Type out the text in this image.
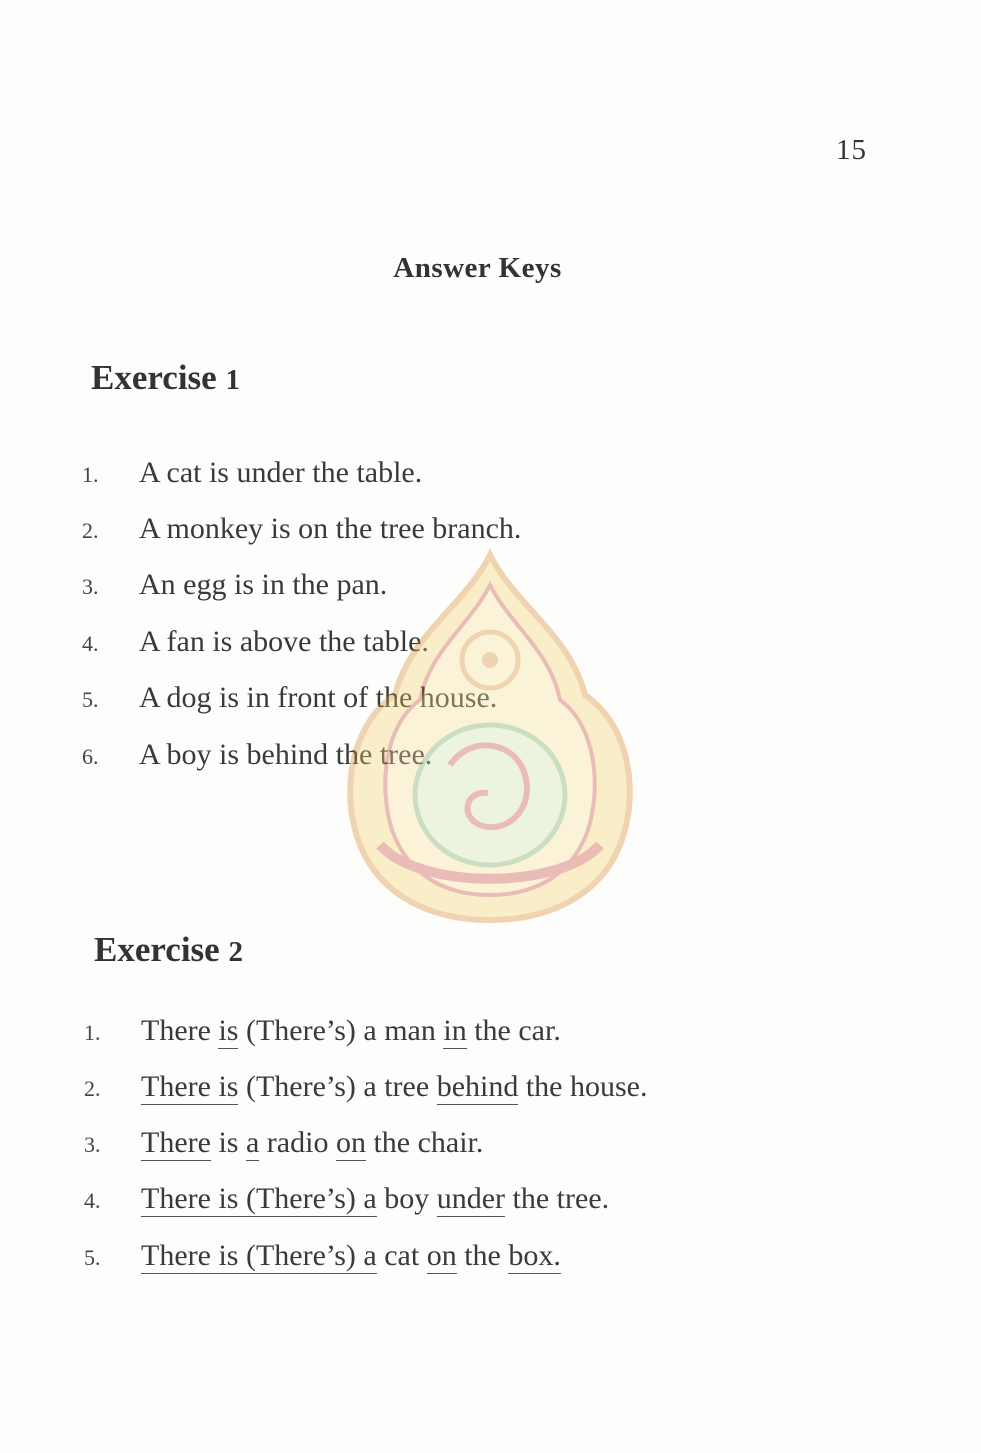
15
Answer Keys
Exercise 1
1. A cat is under the table.
2. A monkey is on the tree branch.
3. An egg is in the pan.
4. A fan is above the table.
5. A dog is in front of the house.
6. A boy is behind the tree.
Exercise 2
1. There is (There’s) a man in the car.
2. There is (There’s) a tree behind the house.
3. There is a radio on the chair.
4. There is (There’s) a boy under the tree.
5. There is (There’s) a cat on the box.
